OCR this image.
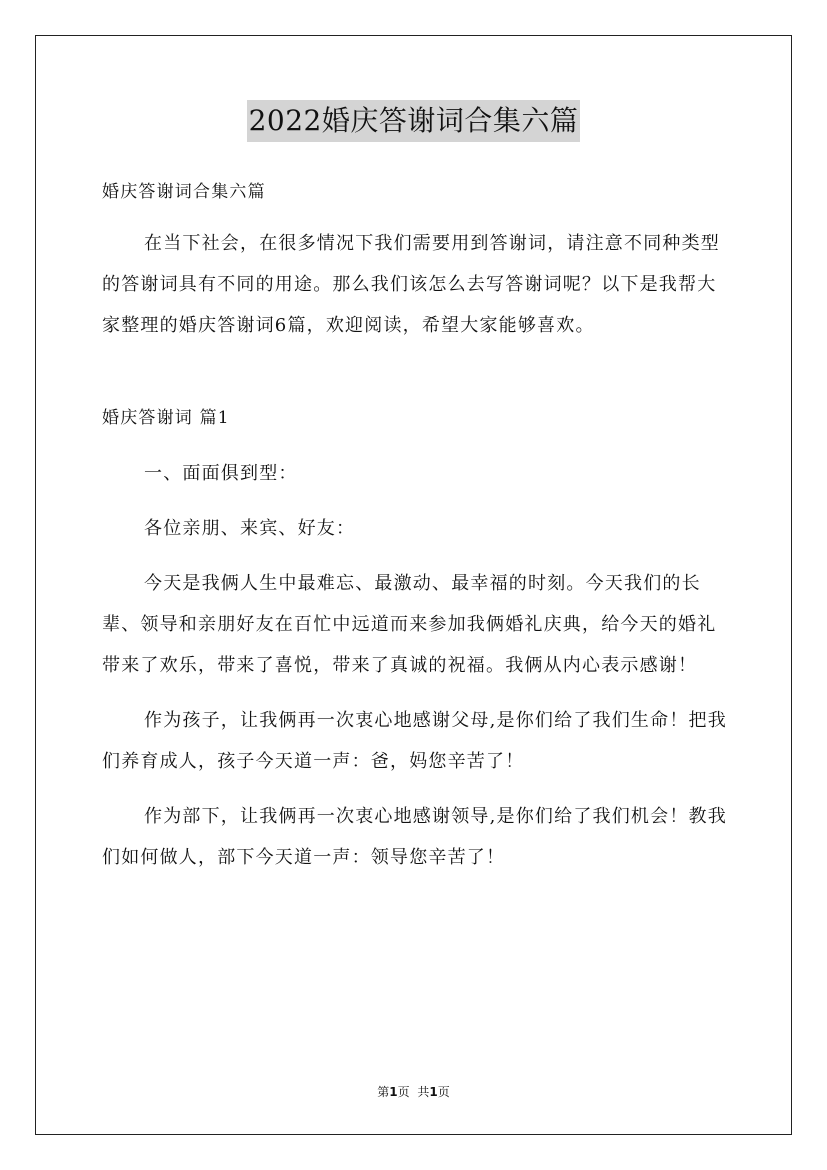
2022婚庆答谢词合集六篇

婚庆答谢词合集六篇

在当下社会，在很多情况下我们需要用到答谢词，请注意不同种类型的答谢词具有不同的用途。那么我们该怎么去写答谢词呢？以下是我帮大家整理的婚庆答谢词6篇，欢迎阅读，希望大家能够喜欢。

婚庆答谢词 篇1

一、面面俱到型：

各位亲朋、来宾、好友：

今天是我俩人生中最难忘、最激动、最幸福的时刻。今天我们的长辈、领导和亲朋好友在百忙中远道而来参加我俩婚礼庆典，给今天的婚礼带来了欢乐，带来了喜悦，带来了真诚的祝福。我俩从内心表示感谢！

作为孩子，让我俩再一次衷心地感谢父母,是你们给了我们生命！把我们养育成人，孩子今天道一声：爸，妈您辛苦了！

作为部下，让我俩再一次衷心地感谢领导,是你们给了我们机会！教我们如何做人，部下今天道一声：领导您辛苦了！

第1页 共1页
